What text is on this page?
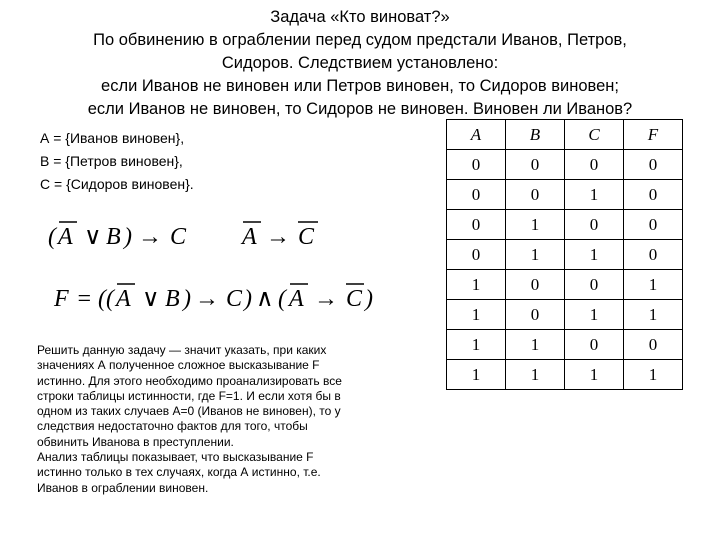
Задача «Кто виноват?»
По обвинению в ограблении перед судом предстали Иванов, Петров,
Сидоров. Следствием установлено:
если Иванов не виновен или Петров виновен, то Сидоров виновен;
если Иванов не виновен, то Сидоров не виновен. Виновен ли Иванов?
А = {Иванов виновен},
В = {Петров виновен},
С = {Сидоров виновен}.
( A ∨ B ) → C A → C
F = (( A ∨ B ) → C ) ∧ ( A → C )
Решить данную задачу — значит указать, при каких
значениях А полученное сложное высказывание F
истинно. Для этого необходимо проанализировать все
строки таблицы истинности, где F=1. И если хотя бы в
одном из таких случаев А=0 (Иванов не виновен), то у
следствия недостаточно фактов для того, чтобы
обвинить Иванова в преступлении.
Анализ таблицы показывает, что высказывание F
истинно только в тех случаях, когда А истинно, т.е.
Иванов в ограблении виновен.
A	B	C	F
0	0	0	0
0	0	1	0
0	1	0	0
0	1	1	0
1	0	0	1
1	0	1	1
1	1	0	0
1	1	1	1
